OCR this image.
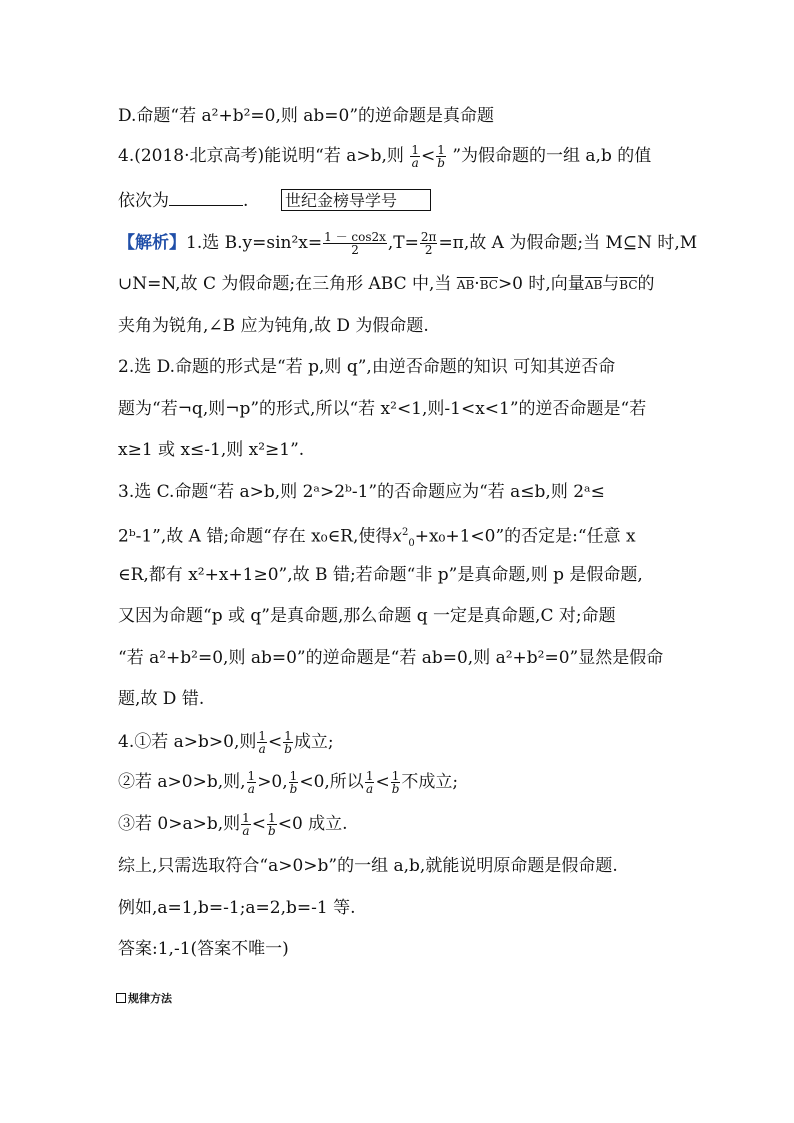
D.命题“若 a²+b²=0,则 ab=0”的逆命题是真命题
4.(2018·北京高考)能说明“若 a>b,则 $\frac{1}{a} < \frac{1}{b}$ ”为假命题的一组 a,b 的值
依次为	. 世纪金榜导学号
【解析】1.选 $B.y=\sin^2x= \frac{1 - \cos 2x}{2} ,T= \frac{2\pi}{2} =\pi$,故 A 为假命题;当 M⊆N 时,M
∪N=N,故 C 为假命题;在三角形 ABC 中,当 $\overline{AB}\cdot\overline{BC}>0$ 时,向量$\overline{AB}$与$\overline{BC}$的
夹角为锐角,∠B 应为钝角,故 D 为假命题.
2.选 D.命题的形式是“若 p,则 q”,由逆否命题的知识 可知其逆否命
题为“若¬q,则¬p”的形式,所以“若 x²<1,则-1<x<1”的逆否命题是“若
x≥1 或 x≤-1,则 x²≥1”.
3.选 C.命题“若 a>b,则 2ᵃ>2ᵇ-1”的否命题应为“若 a≤b,则 2ᵃ≤
2ᵇ-1”,故 A 错;命题“存在 x₀∈R,使得$x^2_0+x_0+1<0$”的否定是:“任意 x
∈R,都有 x²+x+1≥0”,故 B 错;若命题“非 p”是真命题,则 p 是假命题,
又因为命题“p 或 q”是真命题,那么命题 q 一定是真命题,C 对;命题
“若 a²+b²=0,则 ab=0”的逆命题是“若 ab=0,则 a²+b²=0”显然是假命
题,故 D 错.
4.①若 a>b>0,则 $\frac{1}{a} < \frac{1}{b}$ 成立;
②若 a>0>b,则, $\frac{1}{a} >0$, $\frac{1}{b} <0$,所以 $\frac{1}{a} < \frac{1}{b}$ 不成立;
③若 0>a>b,则 $\frac{1}{a} < \frac{1}{b} <0$ 成立.
综上,只需选取符合“a>0>b”的一组 a,b,就能说明原命题是假命题.
例如,a=1,b=-1;a=2,b=-1 等.
答案:1,-1(答案不唯一)
规律方法
